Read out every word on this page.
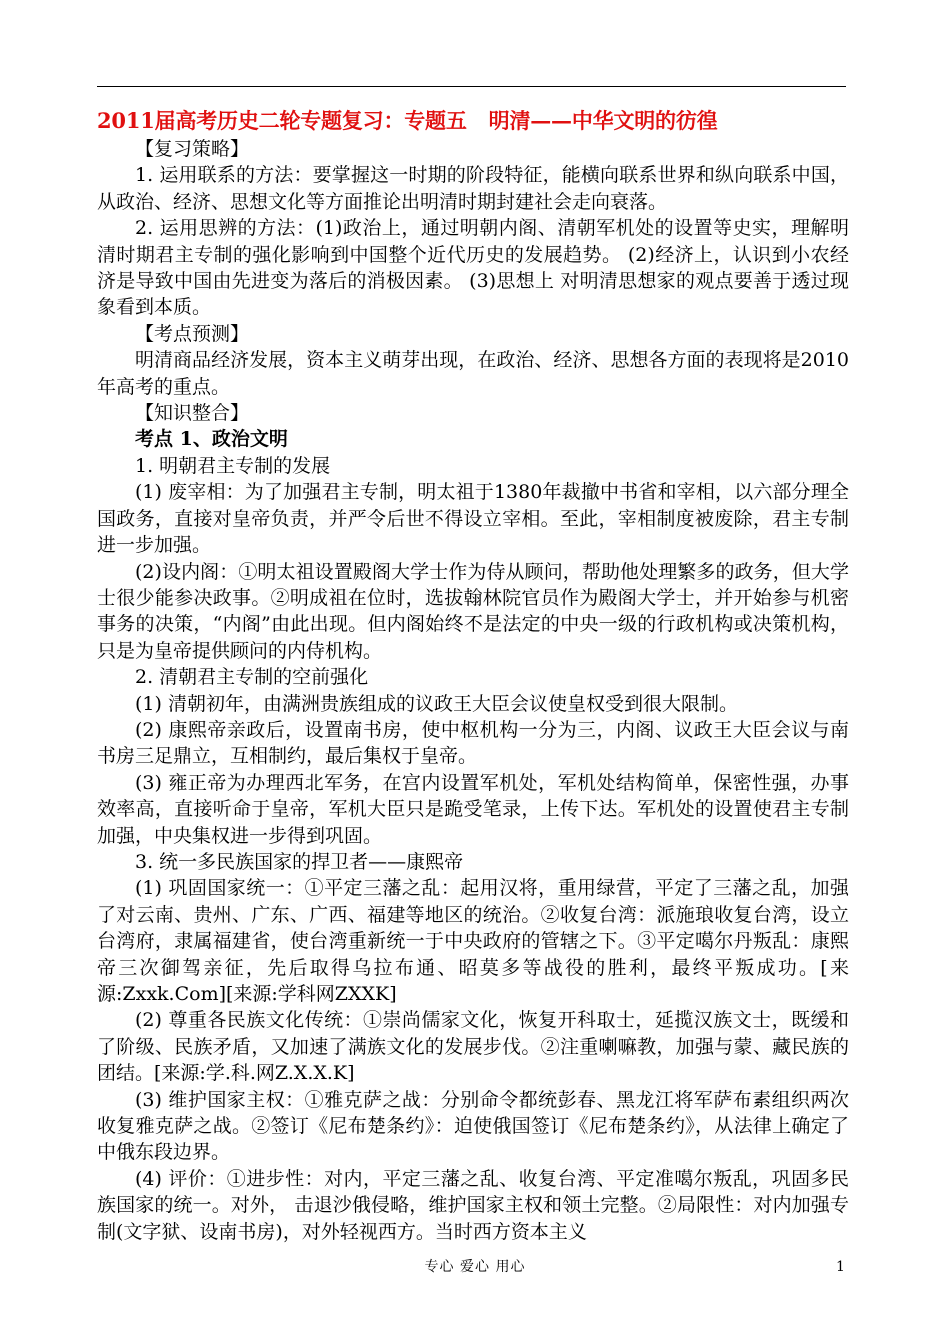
2011届高考历史二轮专题复习：专题五 明清——中华文明的彷徨

【复习策略】

1. 运用联系的方法：要掌握这一时期的阶段特征，能横向联系世界和纵向联系中国，从政治、经济、思想文化等方面推论出明清时期封建社会走向衰落。

2. 运用思辨的方法：(1)政治上，通过明朝内阁、清朝军机处的设置等史实，理解明清时期君主专制的强化影响到中国整个近代历史的发展趋势。 (2)经济上，认识到小农经济是导致中国由先进变为落后的消极因素。 (3)思想上 对明清思想家的观点要善于透过现象看到本质。

【考点预测】

明清商品经济发展，资本主义萌芽出现，在政治、经济、思想各方面的表现将是2010年高考的重点。

【知识整合】

考点 1、政治文明

1. 明朝君主专制的发展

(1) 废宰相：为了加强君主专制，明太祖于1380年裁撤中书省和宰相，以六部分理全国政务，直接对皇帝负责，并严令后世不得设立宰相。至此，宰相制度被废除，君主专制进一步加强。

(2)设内阁：①明太祖设置殿阁大学士作为侍从顾问，帮助他处理繁多的政务，但大学士很少能参决政事。②明成祖在位时，选拔翰林院官员作为殿阁大学士，并开始参与机密事务的决策，“内阁”由此出现。但内阁始终不是法定的中央一级的行政机构或决策机构，只是为皇帝提供顾问的内侍机构。

2. 清朝君主专制的空前强化

(1) 清朝初年，由满洲贵族组成的议政王大臣会议使皇权受到很大限制。

(2) 康熙帝亲政后，设置南书房，使中枢机构一分为三，内阁、议政王大臣会议与南书房三足鼎立，互相制约，最后集权于皇帝。

(3) 雍正帝为办理西北军务，在宫内设置军机处，军机处结构简单，保密性强，办事效率高，直接听命于皇帝，军机大臣只是跪受笔录，上传下达。军机处的设置使君主专制加强，中央集权进一步得到巩固。

3. 统一多民族国家的捍卫者——康熙帝

(1) 巩固国家统一：①平定三藩之乱：起用汉将，重用绿营，平定了三藩之乱，加强了对云南、贵州、广东、广西、福建等地区的统治。②收复台湾：派施琅收复台湾，设立台湾府，隶属福建省，使台湾重新统一于中央政府的管辖之下。③平定噶尔丹叛乱：康熙帝三次御驾亲征，先后取得乌拉布通、昭莫多等战役的胜利，最终平叛成功。[来源:Zxxk.Com][来源:学科网ZXXK]

(2) 尊重各民族文化传统：①崇尚儒家文化，恢复开科取士，延揽汉族文士，既缓和了阶级、民族矛盾，又加速了满族文化的发展步伐。②注重喇嘛教，加强与蒙、藏民族的团结。[来源:学.科.网Z.X.X.K]

(3) 维护国家主权：①雅克萨之战：分别命令都统彭春、黑龙江将军萨布素组织两次收复雅克萨之战。②签订《尼布楚条约》：迫使俄国签订《尼布楚条约》，从法律上确定了中俄东段边界。

(4) 评价：①进步性：对内，平定三藩之乱、收复台湾、平定准噶尔叛乱，巩固多民族国家的统一。对外， 击退沙俄侵略，维护国家主权和领土完整。②局限性：对内加强专制(文字狱、设南书房)，对外轻视西方。当时西方资本主义

专心 爱心 用心	1
